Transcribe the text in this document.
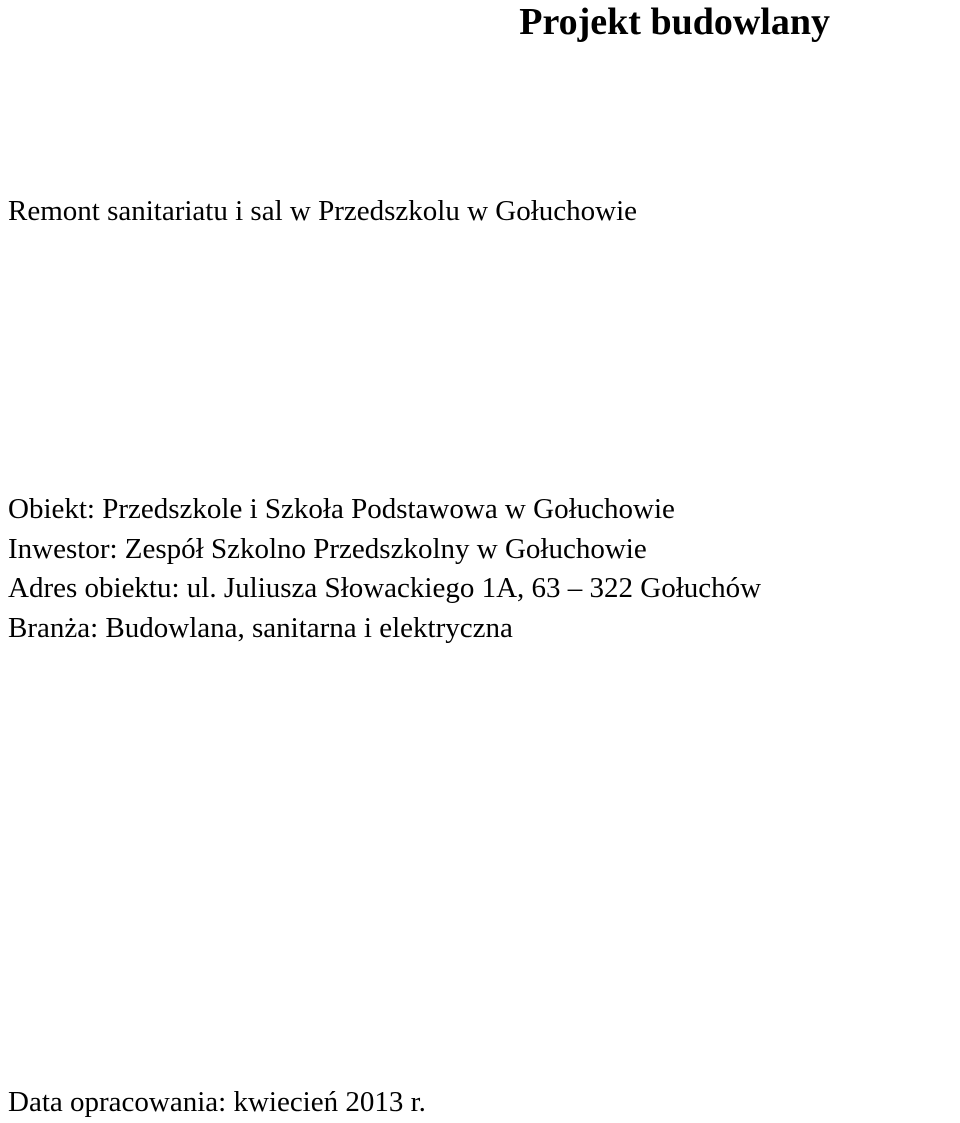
Projekt budowlany
Remont sanitariatu i sal w Przedszkolu w Gołuchowie
Obiekt: Przedszkole i Szkoła Podstawowa w Gołuchowie
Inwestor: Zespół Szkolno Przedszkolny w Gołuchowie
Adres obiektu: ul. Juliusza Słowackiego 1A, 63 – 322 Gołuchów
Branża: Budowlana, sanitarna i elektryczna
Data opracowania: kwiecień 2013 r.
